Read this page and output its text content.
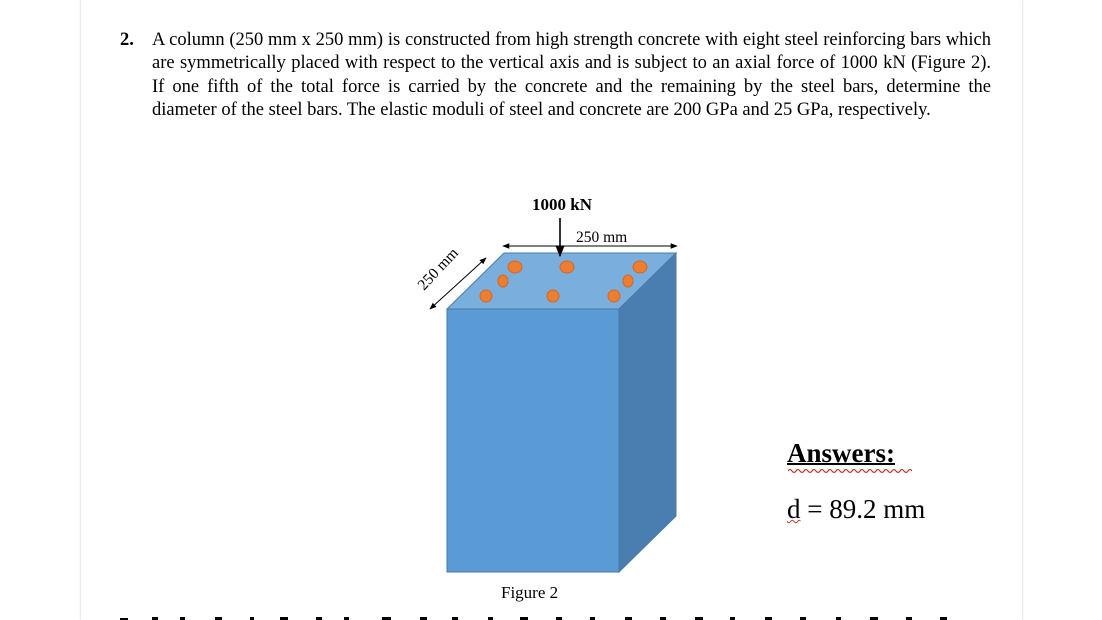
2. A column (250 mm x 250 mm) is constructed from high strength concrete with eight steel reinforcing bars which are symmetrically placed with respect to the vertical axis and is subject to an axial force of 1000 kN (Figure 2). If one fifth of the total force is carried by the concrete and the remaining by the steel bars, determine the diameter of the steel bars. The elastic moduli of steel and concrete are 200 GPa and 25 GPa, respectively.
1000 kN
250 mm
250 mm
Figure 2

Answers:

d = 89.2 mm
